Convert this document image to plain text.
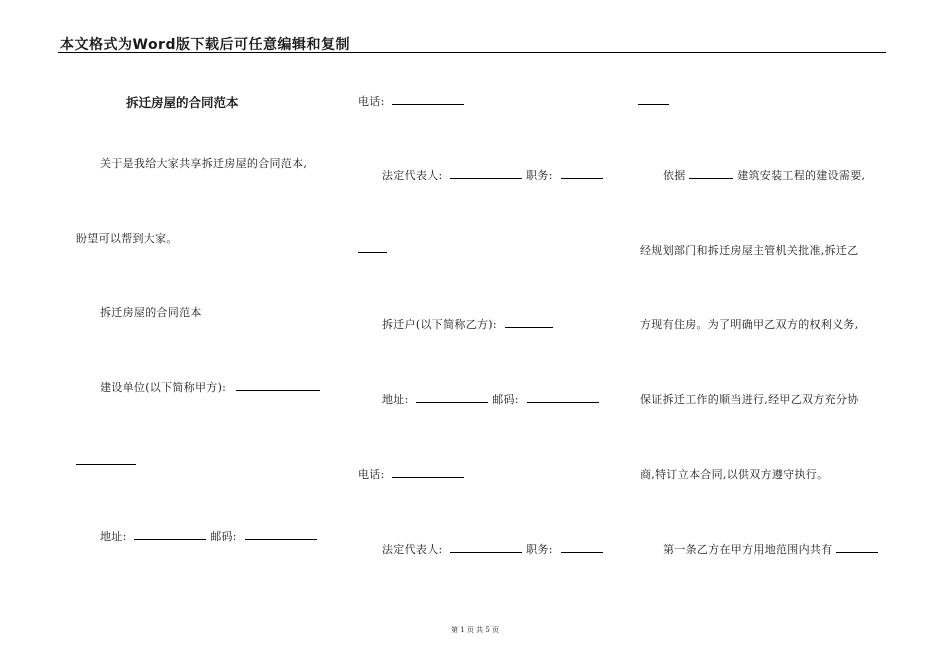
本文格式为Word版下载后可任意编辑和复制
拆迁房屋的合同范本
关于是我给大家共享拆迁房屋的合同范本,
盼望可以帮到大家。
拆迁房屋的合同范本
建设单位(以下简称甲方):
地址:	邮码:
电话:
法定代表人:	职务:
拆迁户(以下简称乙方):
地址:	邮码:
电话:
法定代表人:	职务:
依据	建筑安装工程的建设需要,
经规划部门和拆迁房屋主管机关批准,拆迁乙
方现有住房。为了明确甲乙双方的权利义务,
保证拆迁工作的顺当进行,经甲乙双方充分协
商,特订立本合同,以供双方遵守执行。
第一条乙方在甲方用地范围内共有
第 1 页 共 5 页
